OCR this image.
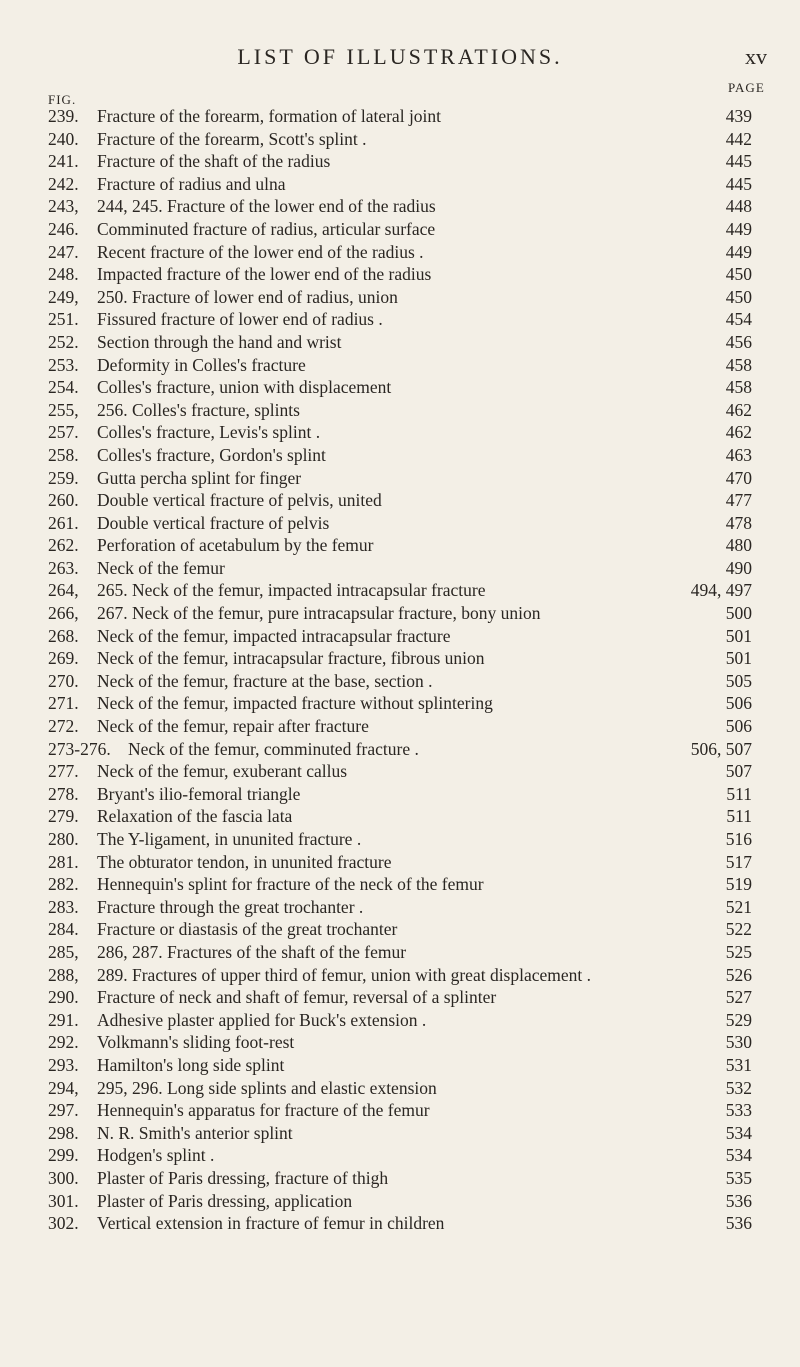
LIST OF ILLUSTRATIONS.	xv
FIG.
PAGE
239. Fracture of the forearm, formation of lateral joint	439
240. Fracture of the forearm, Scott's splint .	442
241. Fracture of the shaft of the radius	445
242. Fracture of radius and ulna	445
243, 244, 245. Fracture of the lower end of the radius	448
246. Comminuted fracture of radius, articular surface	449
247. Recent fracture of the lower end of the radius .	449
248. Impacted fracture of the lower end of the radius	450
249, 250. Fracture of lower end of radius, union	450
251. Fissured fracture of lower end of radius .	454
252. Section through the hand and wrist	456
253. Deformity in Colles's fracture	458
254. Colles's fracture, union with displacement	458
255, 256. Colles's fracture, splints	462
257. Colles's fracture, Levis's splint .	462
258. Colles's fracture, Gordon's splint	463
259. Gutta percha splint for finger	470
260. Double vertical fracture of pelvis, united	477
261. Double vertical fracture of pelvis	478
262. Perforation of acetabulum by the femur	480
263. Neck of the femur	490
264, 265. Neck of the femur, impacted intracapsular fracture	494, 497
266, 267. Neck of the femur, pure intracapsular fracture, bony union	500
268. Neck of the femur, impacted intracapsular fracture	501
269. Neck of the femur, intracapsular fracture, fibrous union	501
270. Neck of the femur, fracture at the base, section .	505
271. Neck of the femur, impacted fracture without splintering	506
272. Neck of the femur, repair after fracture	506
273-276. Neck of the femur, comminuted fracture .	506, 507
277. Neck of the femur, exuberant callus	507
278. Bryant's ilio-femoral triangle	511
279. Relaxation of the fascia lata	511
280. The Y-ligament, in ununited fracture .	516
281. The obturator tendon, in ununited fracture	517
282. Hennequin's splint for fracture of the neck of the femur	519
283. Fracture through the great trochanter .	521
284. Fracture or diastasis of the great trochanter	522
285, 286, 287. Fractures of the shaft of the femur	525
288, 289. Fractures of upper third of femur, union with great displacement .	526
290. Fracture of neck and shaft of femur, reversal of a splinter	527
291. Adhesive plaster applied for Buck's extension .	529
292. Volkmann's sliding foot-rest	530
293. Hamilton's long side splint	531
294, 295, 296. Long side splints and elastic extension	532
297. Hennequin's apparatus for fracture of the femur	533
298. N. R. Smith's anterior splint	534
299. Hodgen's splint .	534
300. Plaster of Paris dressing, fracture of thigh	535
301. Plaster of Paris dressing, application	536
302. Vertical extension in fracture of femur in children	536
